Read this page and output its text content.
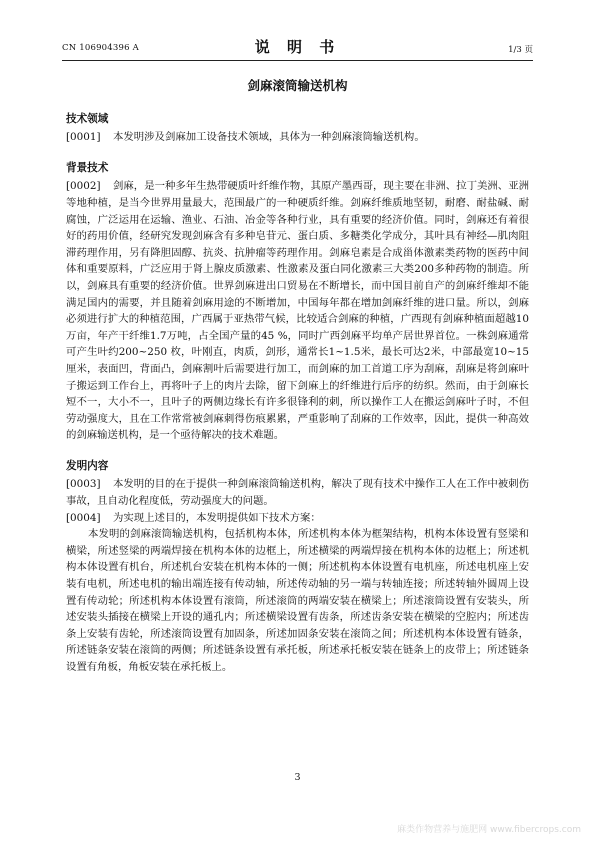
CN 106904396 A	说 明 书	1/3 页
剑麻滚筒输送机构
技术领域

[0001] 本发明涉及剑麻加工设备技术领域，具体为一种剑麻滚筒输送机构。

背景技术

[0002] 剑麻，是一种多年生热带硬质叶纤维作物，其原产墨西哥，现主要在非洲、拉丁美洲、亚洲等地种植，是当今世界用量最大，范围最广的一种硬质纤维。剑麻纤维质地坚韧，耐磨、耐盐碱、耐腐蚀，广泛运用在运输、渔业、石油、冶金等各种行业，具有重要的经济价值。同时，剑麻还有着很好的药用价值，经研究发现剑麻含有多种皂苷元、蛋白质、多糖类化学成分，其叶具有神经—肌肉阻滞药理作用，另有降胆固醇、抗炎、抗肿瘤等药理作用。剑麻皂素是合成甾体激素类药物的医药中间体和重要原料，广泛应用于肾上腺皮质激素、性激素及蛋白同化激素三大类200多种药物的制造。所以，剑麻具有重要的经济价值。世界剑麻进出口贸易在不断增长，而中国目前自产的剑麻纤维却不能满足国内的需要，并且随着剑麻用途的不断增加，中国每年都在增加剑麻纤维的进口量。所以，剑麻必须进行扩大的种植范围，广西属于亚热带气候，比较适合剑麻的种植，广西现有剑麻种植面超越10万亩，年产干纤维1.7万吨，占全国产量的45 %，同时广西剑麻平均单产居世界首位。一株剑麻通常可产生叶约200~250 枚，叶刚直，肉质，剑形，通常长1~1.5米，最长可达2米，中部最宽10~15厘米，表面凹，背面凸，剑麻割叶后需要进行加工，而剑麻的加工首道工序为刮麻，刮麻是将剑麻叶子搬运到工作台上，再将叶子上的肉片去除，留下剑麻上的纤维进行后序的纺织。然而，由于剑麻长短不一，大小不一，且叶子的两侧边缘长有许多很锋利的刺，所以操作工人在搬运剑麻叶子时，不但劳动强度大，且在工作常常被剑麻刺得伤痕累累，严重影响了刮麻的工作效率，因此，提供一种高效的剑麻输送机构，是一个亟待解决的技术难题。

发明内容

[0003] 本发明的目的在于提供一种剑麻滚筒输送机构，解决了现有技术中操作工人在工作中被刺伤事故，且自动化程度低，劳动强度大的问题。

[0004] 为实现上述目的，本发明提供如下技术方案：

本发明的剑麻滚筒输送机构，包括机构本体，所述机构本体为框架结构，机构本体设置有竖梁和横梁，所述竖梁的两端焊接在机构本体的边框上，所述横梁的两端焊接在机构本体的边框上；所述机构本体设置有机台，所述机台安装在机构本体的一侧；所述机构本体设置有电机座，所述电机座上安装有电机，所述电机的输出端连接有传动轴，所述传动轴的另一端与转轴连接；所述转轴外圆周上设置有传动轮；所述机构本体设置有滚筒，所述滚筒的两端安装在横梁上；所述滚筒设置有安装头，所述安装头插接在横梁上开设的通孔内；所述横梁设置有齿条，所述齿条安装在横梁的空腔内；所述齿条上安装有齿轮，所述滚筒设置有加固条，所述加固条安装在滚筒之间；所述机构本体设置有链条，所述链条安装在滚筒的两侧；所述链条设置有承托板，所述承托板安装在链条上的皮带上；所述链条设置有角板，角板安装在承托板上。

3
麻类作物营养与施肥网 www.fibercrops.com
